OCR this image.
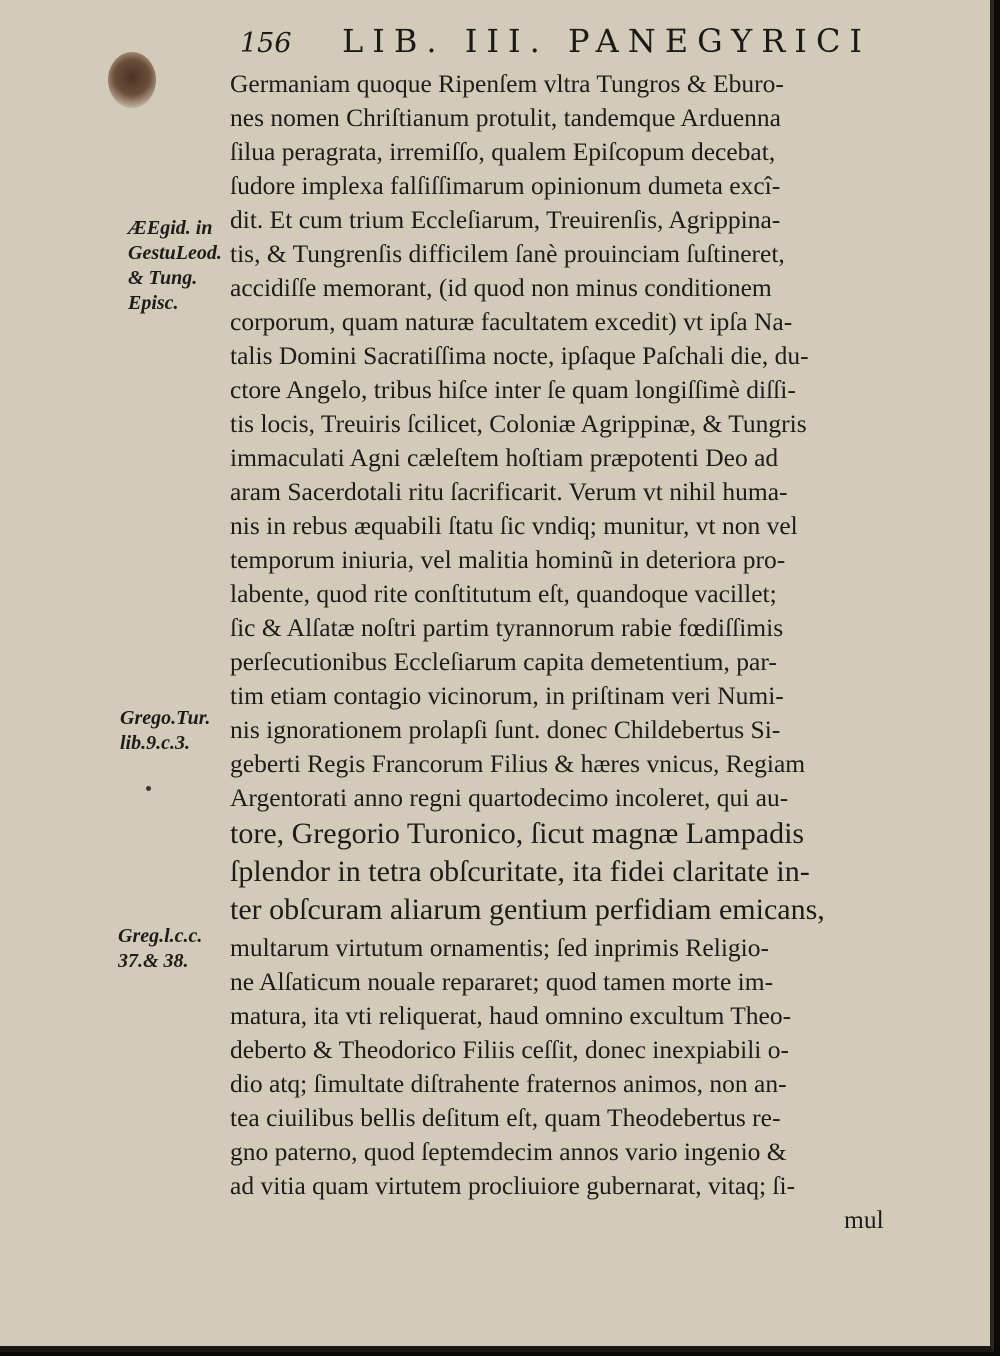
156 LIB. III. PANEGYRICI
ÆEgid. in
GestuLeod.
& Tung.
Episc.
Grego.Tur.
lib.9.c.3.
Greg.l.c.c.
37.& 38.
Germaniam quoque Ripenſem vltra Tungros & Eburo-
nes nomen Chriſtianum protulit, tandemque Arduenna
ſilua peragrata, irremiſſo, qualem Epiſcopum decebat,
ſudore implexa falſiſſimarum opinionum dumeta excî-
dit. Et cum trium Eccleſiarum, Treuirenſis, Agrippina-
tis, & Tungrenſis difficilem ſanè prouinciam ſuſtineret,
accidiſſe memorant, (id quod non minus conditionem
corporum, quam naturæ facultatem excedit) vt ipſa Na-
talis Domini Sacratiſſima nocte, ipſaque Paſchali die, du-
ctore Angelo, tribus hiſce inter ſe quam longiſſimè diſſi-
tis locis, Treuiris ſcilicet, Coloniæ Agrippinæ, & Tungris
immaculati Agni cæleſtem hoſtiam præpotenti Deo ad
aram Sacerdotali ritu ſacrificarit. Verum vt nihil huma-
nis in rebus æquabili ſtatu ſic vndiq; munitur, vt non vel
temporum iniuria, vel malitia hominũ in deteriora pro-
labente, quod rite conſtitutum eſt, quandoque vacillet;
ſic & Alſatæ noſtri partim tyrannorum rabie fœdiſſimis
perſecutionibus Eccleſiarum capita demetentium, par-
tim etiam contagio vicinorum, in priſtinam veri Numi-
nis ignorationem prolapſi ſunt. donec Childebertus Si-
geberti Regis Francorum Filius & hæres vnicus, Regiam
Argentorati anno regni quartodecimo incoleret, qui au-
tore, Gregorio Turonico, ſicut magnæ Lampadis
ſplendor in tetra obſcuritate, ita fidei claritate in-
ter obſcuram aliarum gentium perfidiam emicans,
multarum virtutum ornamentis; ſed inprimis Religio-
ne Alſaticum nouale repararet; quod tamen morte im-
matura, ita vti reliquerat, haud omnino excultum Theo-
deberto & Theodorico Filiis ceſſit, donec inexpiabili o-
dio atq; ſimultate diſtrahente fraternos animos, non an-
tea ciuilibus bellis deſitum eſt, quam Theodebertus re-
gno paterno, quod ſeptemdecim annos vario ingenio &
ad vitia quam virtutem procliuiore gubernarat, vitaq; ſi-
mul
